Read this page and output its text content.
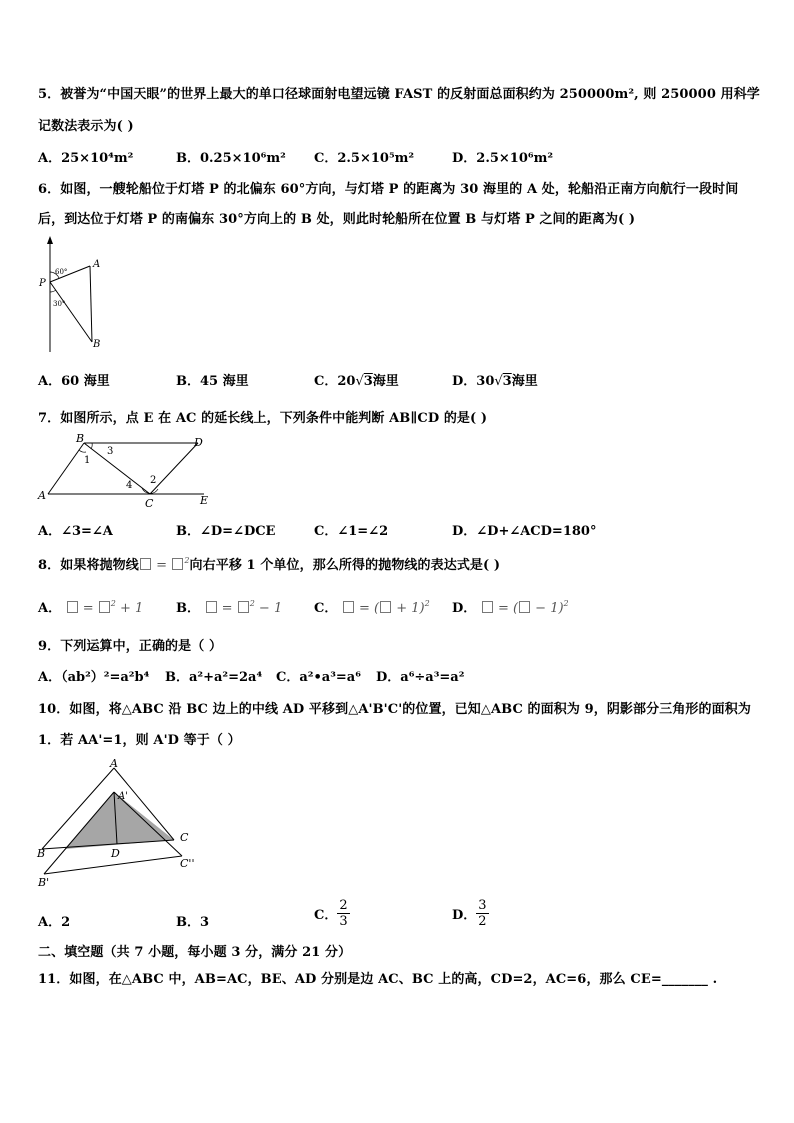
5．被誉为“中国天眼”的世界上最大的单口径球面射电望远镜 FAST 的反射面总面积约为 250000m², 则 250000 用科学
记数法表示为( )
A．25×10⁴m²	B．0.25×10⁶m² C．2.5×10⁵m²	D．2.5×10⁶m²
6．如图，一艘轮船位于灯塔 P 的北偏东 60°方向，与灯塔 P 的距离为 30 海里的 A 处，轮船沿正南方向航行一段时间
后，到达位于灯塔 P 的南偏东 30°方向上的 B 处，则此时轮船所在位置 B 与灯塔 P 之间的距离为( )
P
A
B
60°
30°
A．60 海里	B．45 海里	C．20√3海里	D．30√3海里
7．如图所示，点 E 在 AC 的延长线上，下列条件中能判断 AB∥CD 的是( )
B	D
A
C	E
1
3
4 2
A．∠3=∠A	B．∠D=∠DCE	C．∠1=∠2	D．∠D+∠ACD=180°
8．如果将抛物线 = $^2$向右平移 1 个单位，那么所得的抛物线的表达式是( )
A．  = $^2$ + 1	B．  = $^2$ − 1 C．  = ( + 1)$^2$ D．  = ( − 1)$^2$
9．下列运算中，正确的是（ ）
A．（ab²）²=a²b⁴ B．a²+a²=2a⁴ C．a²•a³=a⁶ D．a⁶÷a³=a²
10．如图，将△ABC 沿 BC 边上的中线 AD 平移到△A'B'C'的位置，已知△ABC 的面积为 9，阴影部分三角形的面积为
1．若 AA'=1，则 A'D 等于（ ）
A
A'
B
B'
D
C
C''
A．2	B．3	C． $\frac{2}{3}$	D． $\frac{3}{2}$
二、填空题（共 7 小题，每小题 3 分，满分 21 分）
11．如图，在△ABC 中，AB=AC，BE、AD 分别是边 AC、BC 上的高，CD=2，AC=6，那么 CE=_______ .
